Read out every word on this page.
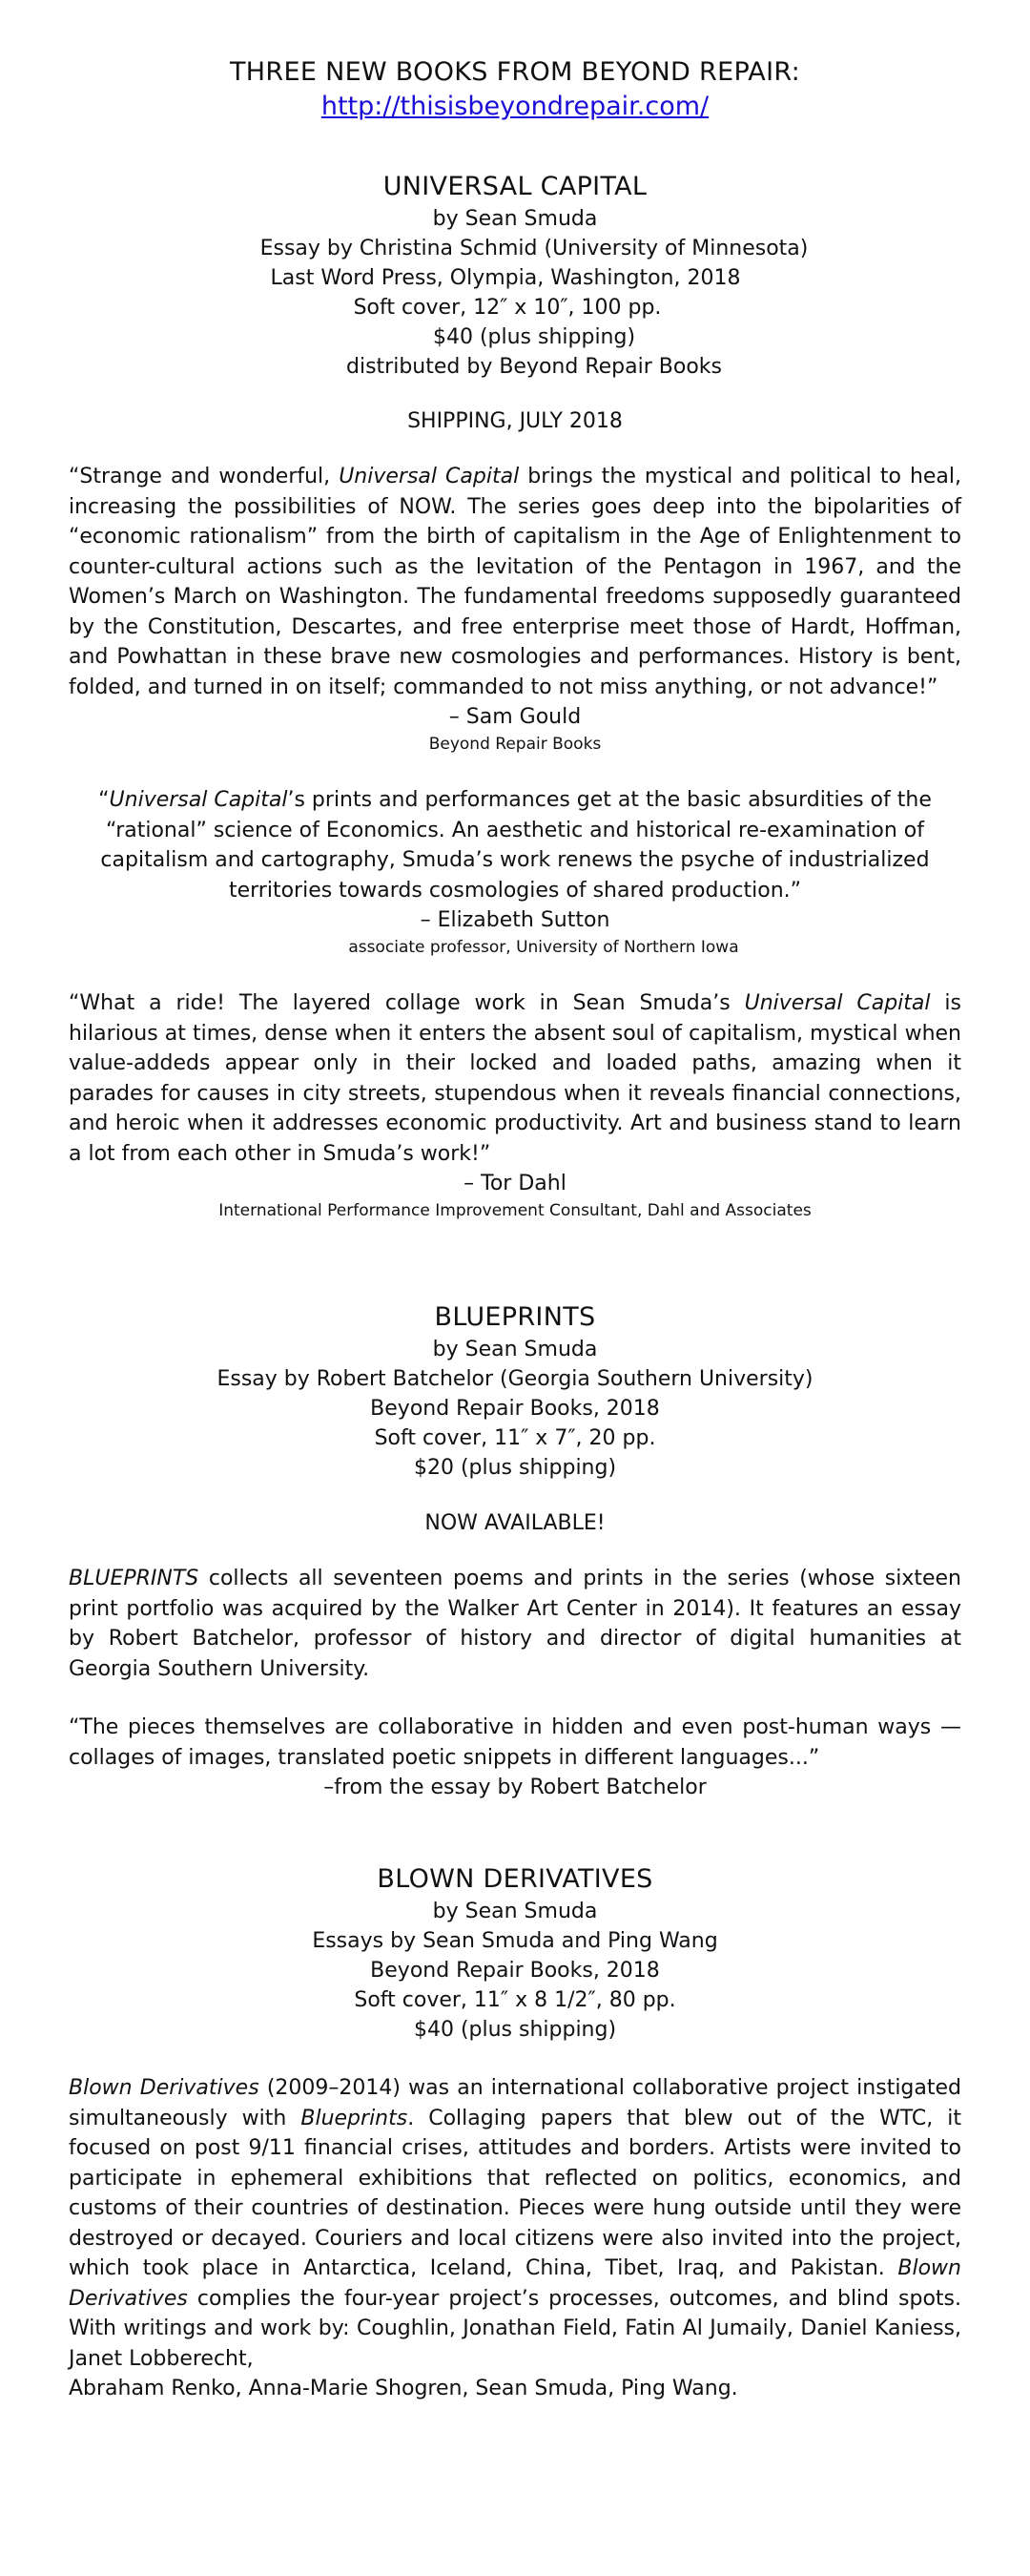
THREE NEW BOOKS FROM BEYOND REPAIR:
http://thisisbeyondrepair.com/
UNIVERSAL CAPITAL
by Sean Smuda
Essay by Christina Schmid (University of Minnesota)
Last Word Press, Olympia, Washington, 2018
Soft cover, 12″ x 10″, 100 pp.
$40 (plus shipping)
distributed by Beyond Repair Books
SHIPPING, JULY 2018
“Strange and wonderful, Universal Capital brings the mystical and political to heal, increasing the possibilities of NOW. The series goes deep into the bipolarities of “economic rationalism” from the birth of capitalism in the Age of Enlightenment to counter-cultural actions such as the levitation of the Pentagon in 1967, and the Women’s March on Washington. The fundamental freedoms supposedly guaranteed by the Constitution, Descartes, and free enterprise meet those of Hardt, Hoffman, and Powhattan in these brave new cosmologies and performances. History is bent, folded, and turned in on itself; commanded to not miss anything, or not advance!”
– Sam Gould
Beyond Repair Books
“Universal Capital’s prints and performances get at the basic absurdities of the “rational” science of Economics. An aesthetic and historical re-examination of capitalism and cartography, Smuda’s work renews the psyche of industrialized territories towards cosmologies of shared production.”
– Elizabeth Sutton
associate professor, University of Northern Iowa
“What a ride! The layered collage work in Sean Smuda’s Universal Capital is hilarious at times, dense when it enters the absent soul of capitalism, mystical when value-addeds appear only in their locked and loaded paths, amazing when it parades for causes in city streets, stupendous when it reveals financial connections, and heroic when it addresses economic productivity. Art and business stand to learn a lot from each other in Smuda’s work!”
– Tor Dahl
International Performance Improvement Consultant, Dahl and Associates
BLUEPRINTS
by Sean Smuda
Essay by Robert Batchelor (Georgia Southern University)
Beyond Repair Books, 2018
Soft cover, 11″ x 7″, 20 pp.
$20 (plus shipping)
NOW AVAILABLE!
BLUEPRINTS collects all seventeen poems and prints in the series (whose sixteen print portfolio was acquired by the Walker Art Center in 2014). It features an essay by Robert Batchelor, professor of history and director of digital humanities at Georgia Southern University.
“The pieces themselves are collaborative in hidden and even post-human ways — collages of images, translated poetic snippets in different languages...”
–from the essay by Robert Batchelor
BLOWN DERIVATIVES
by Sean Smuda
Essays by Sean Smuda and Ping Wang
Beyond Repair Books, 2018
Soft cover, 11″ x 8 1/2″, 80 pp.
$40 (plus shipping)
Blown Derivatives (2009–2014) was an international collaborative project instigated simultaneously with Blueprints. Collaging papers that blew out of the WTC, it focused on post 9/11 financial crises, attitudes and borders. Artists were invited to participate in ephemeral exhibitions that reflected on politics, economics, and customs of their countries of destination. Pieces were hung outside until they were destroyed or decayed. Couriers and local citizens were also invited into the project, which took place in Antarctica, Iceland, China, Tibet, Iraq, and Pakistan. Blown Derivatives complies the four-year project’s processes, outcomes, and blind spots. With writings and work by: Coughlin, Jonathan Field, Fatin Al Jumaily, Daniel Kaniess, Janet Lobberecht,
Abraham Renko, Anna-Marie Shogren, Sean Smuda, Ping Wang.
